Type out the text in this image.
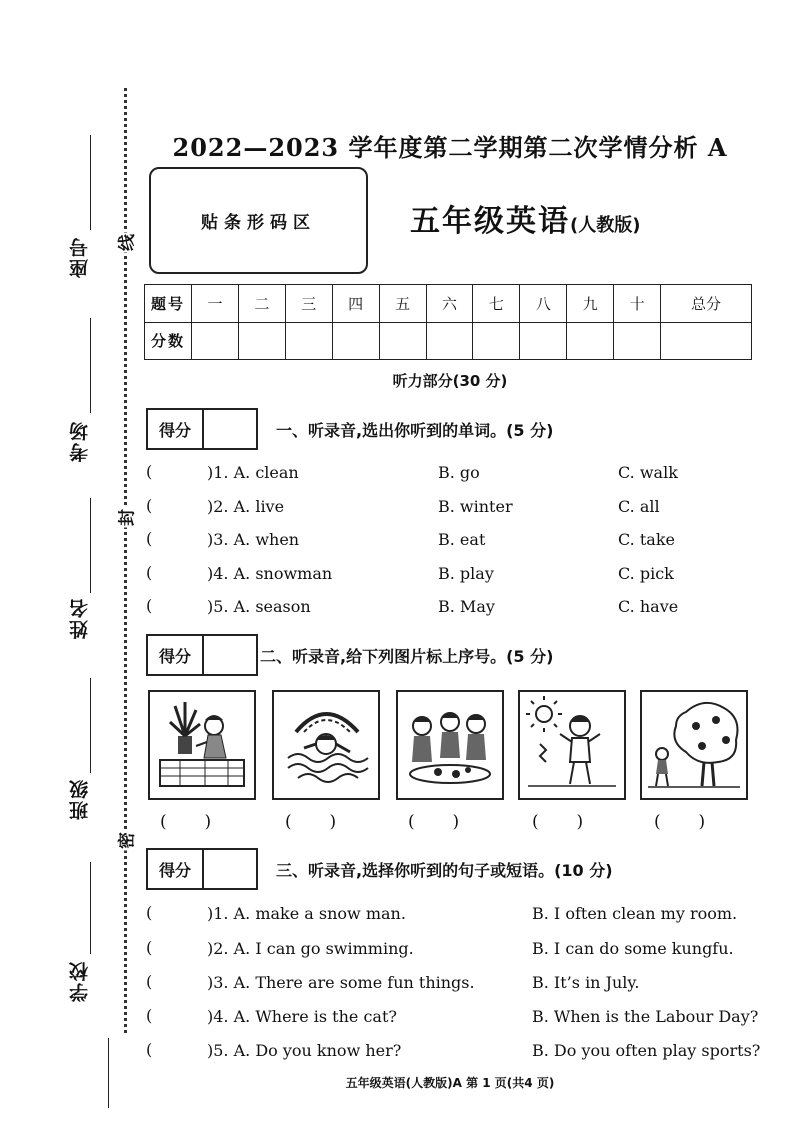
座号
考场
姓名
班级
学校
线
封
密
2022—2023 学年度第二学期第二次学情分析 A
贴条形码区	五年级英语(人教版)
题号	一	二	三	四	五	六	七	八	九	十	总分
分数											
听力部分(30 分)
得分	一、听录音,选出你听到的单词。(5 分)
(	)1. A. clean	B. go	C. walk
(	)2. A. live	B. winter	C. all
(	)3. A. when	B. eat	C. take
(	)4. A. snowman	B. play	C. pick
(	)5. A. season	B. May	C. have
得分	二、听录音,给下列图片标上序号。(5 分)
(       )	(       )	(       )	(       )	(       )
得分	三、听录音,选择你听到的句子或短语。(10 分)
(	)1. A. make a snow man.	B. I often clean my room.
(	)2. A. I can go swimming.	B. I can do some kungfu.
(	)3. A. There are some fun things.	B. It’s in July.
(	)4. A. Where is the cat?	B. When is the Labour Day?
(	)5. A. Do you know her?	B. Do you often play sports?
五年级英语(人教版)A 第 1 页(共4 页)
